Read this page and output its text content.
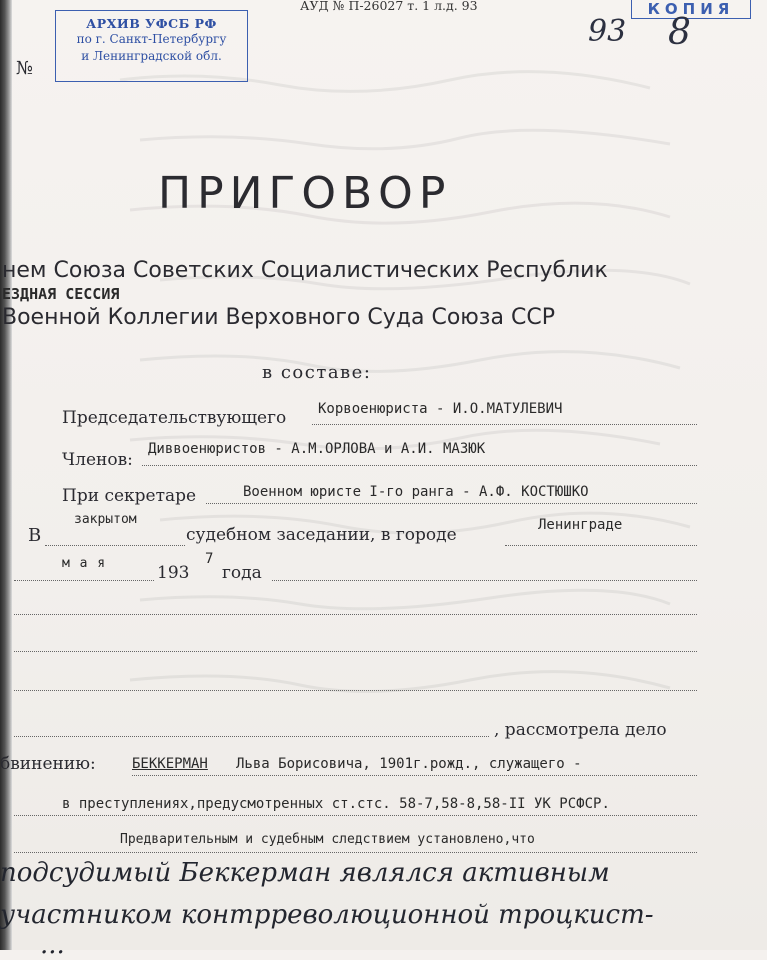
АРХИВ УФСБ РФ
по г. Санкт-Петербургу
и Ленинградской обл.
АУД № П-26027 т. 1 л.д. 93	КОПИЯ
93 8
№
ПРИГОВОР
нем Союза Советских Социалистических Республик
ЕЗДНАЯ СЕССИЯ
Военной Коллегии Верховного Суда Союза ССР
в составе:
Председательствующего Корвоенюриста - И.О.МАТУЛЕВИЧ
Членов:
Диввоенюристов - А.М.ОРЛОВА и А.И. МАЗЮК
При секретаре	Военном юристе I-го ранга - А.Ф. КОСТЮШКО
В
закрытом
судебном заседании, в городе	Ленинграде
м а я	193
7
года
, рассмотрела дело
бвинению:	БЕККЕРМАН Льва Борисовича, 1901г.рожд., служащего -
в преступлениях,предусмотренных ст.стс. 58-7,58-8,58-II УК РСФСР.
Предварительным и судебным следствием установлено,что
подсудимый Беккерман являлся активным
участником контрреволюционной троцкист-
...
